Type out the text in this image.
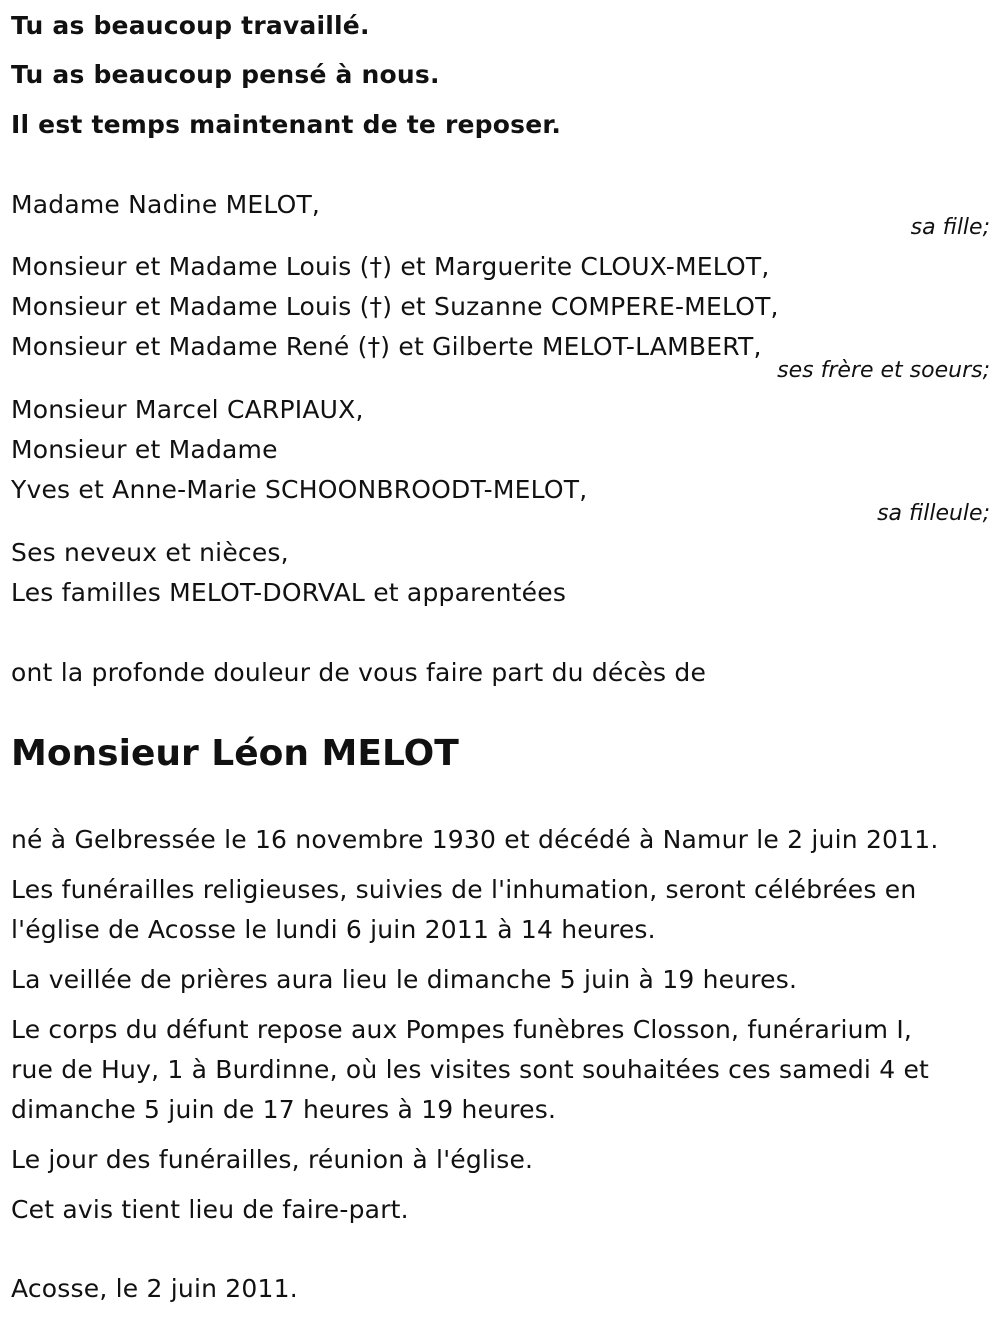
Tu as beaucoup travaillé.
Tu as beaucoup pensé à nous.
Il est temps maintenant de te reposer.
Madame Nadine MELOT,
sa fille;
Monsieur et Madame Louis (†) et Marguerite CLOUX-MELOT,
Monsieur et Madame Louis (†) et Suzanne COMPERE-MELOT,
Monsieur et Madame René (†) et Gilberte MELOT-LAMBERT,
ses frère et soeurs;
Monsieur Marcel CARPIAUX,
Monsieur et Madame
Yves et Anne-Marie SCHOONBROODT-MELOT,
sa filleule;
Ses neveux et nièces,
Les familles MELOT-DORVAL et apparentées
ont la profonde douleur de vous faire part du décès de
Monsieur Léon MELOT
né à Gelbressée le 16 novembre 1930 et décédé à Namur le 2 juin 2011.
Les funérailles religieuses, suivies de l'inhumation, seront célébrées en
l'église de Acosse le lundi 6 juin 2011 à 14 heures.
La veillée de prières aura lieu le dimanche 5 juin à 19 heures.
Le corps du défunt repose aux Pompes funèbres Closson, funérarium I,
rue de Huy, 1 à Burdinne, où les visites sont souhaitées ces samedi 4 et
dimanche 5 juin de 17 heures à 19 heures.
Le jour des funérailles, réunion à l'église.
Cet avis tient lieu de faire-part.
Acosse, le 2 juin 2011.
